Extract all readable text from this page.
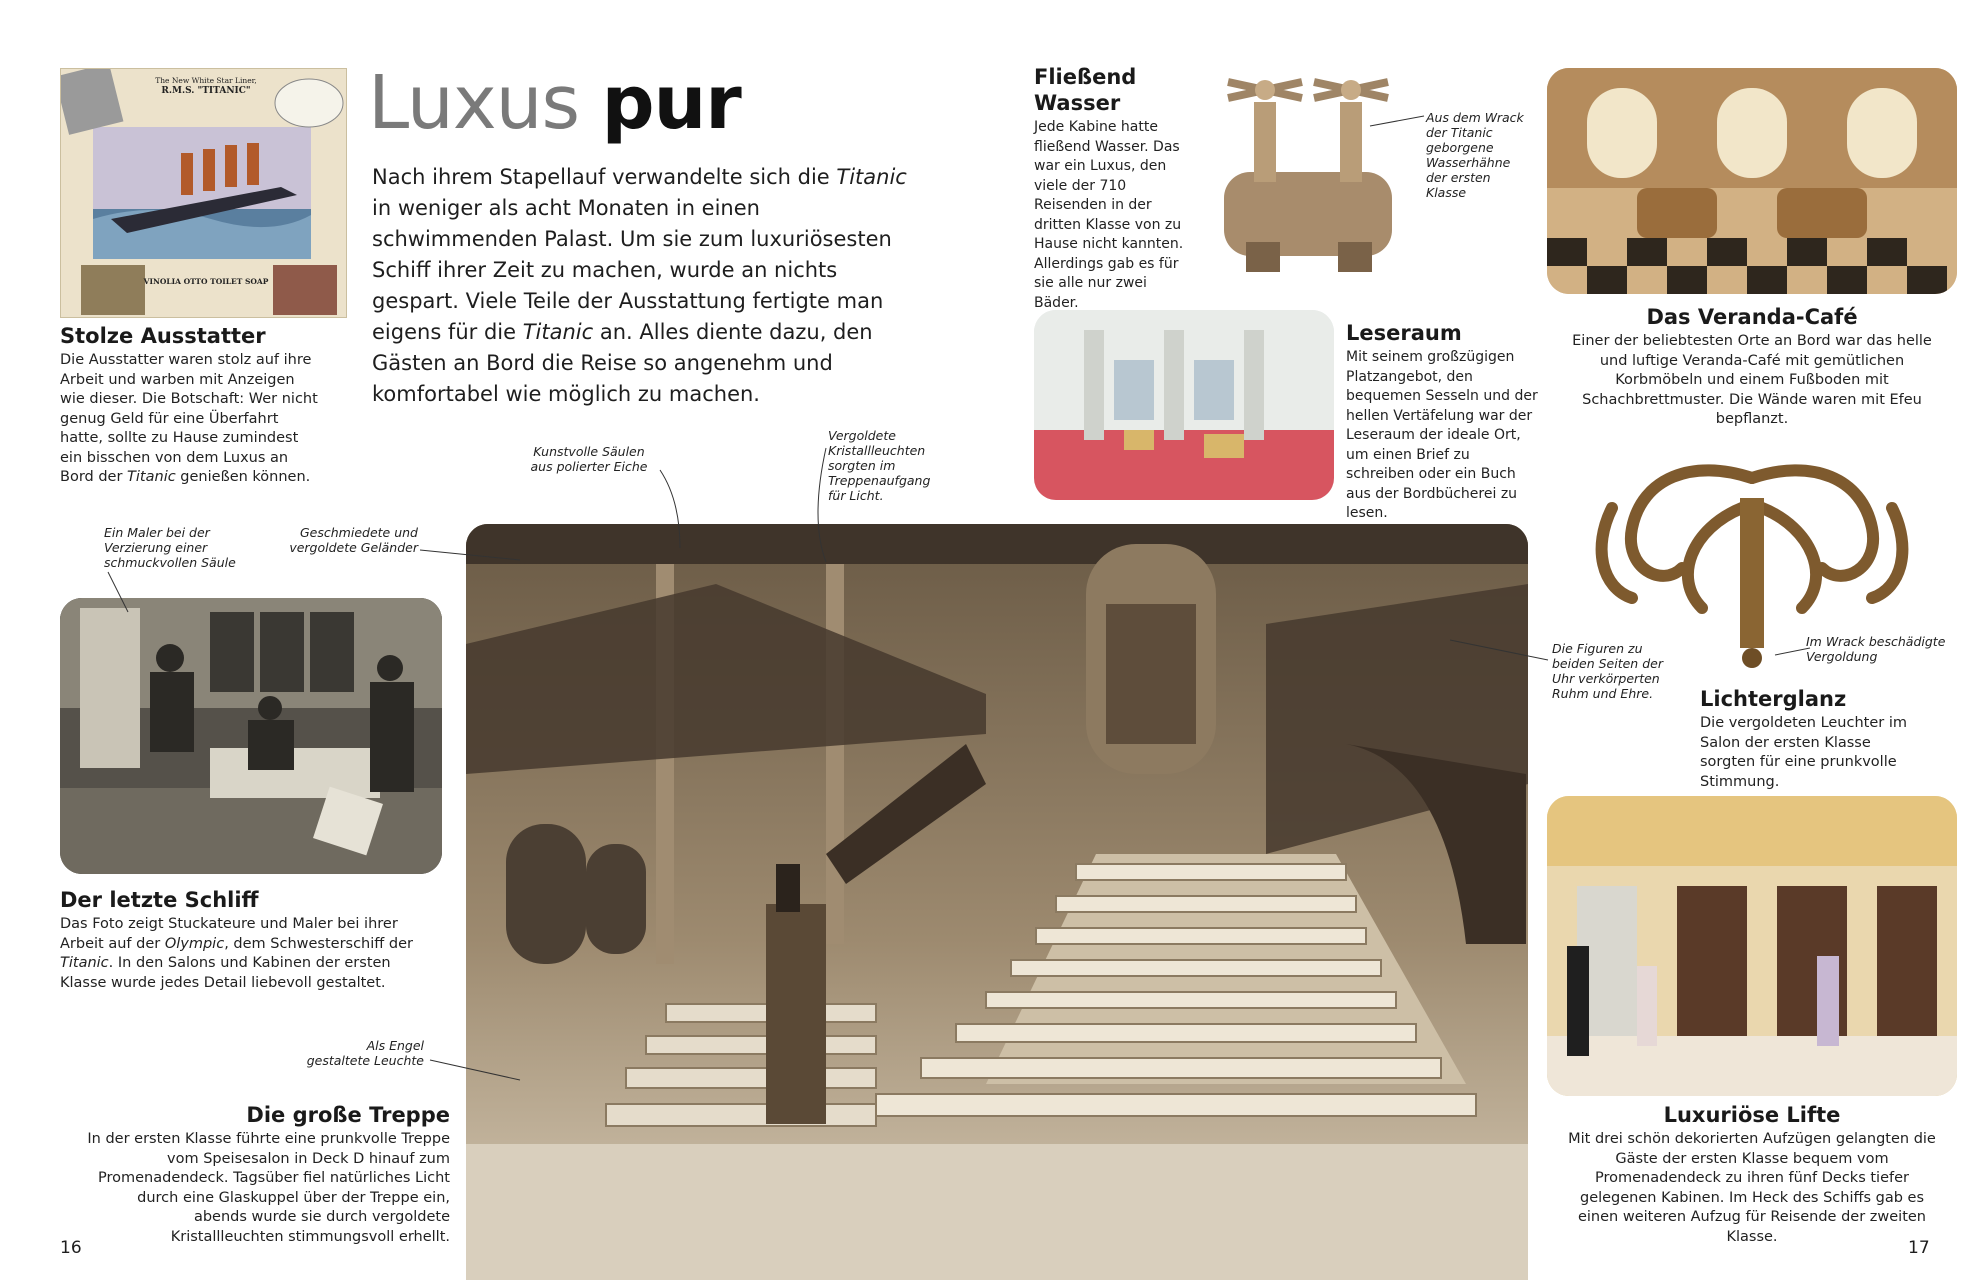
The New White Star Liner,
R.M.S. "TITANIC"
VINOLIA OTTO TOILET SOAP
Luxus pur
Nach ihrem Stapellauf verwandelte sich die Titanic in weniger als acht Monaten in einen schwimmenden Palast. Um sie zum luxuriösesten Schiff ihrer Zeit zu machen, wurde an nichts gespart. Viele Teile der Ausstattung fertigte man eigens für die Titanic an. Alles diente dazu, den Gästen an Bord die Reise so angenehm und komfortabel wie möglich zu machen.
Stolze Ausstatter
Die Ausstatter waren stolz auf ihre Arbeit und warben mit Anzeigen wie dieser. Die Botschaft: Wer nicht genug Geld für eine Überfahrt hatte, sollte zu Hause zumindest ein bisschen von dem Luxus an Bord der Titanic genießen können.
Ein Maler bei der Verzierung einer schmuckvollen Säule
Der letzte Schliff
Das Foto zeigt Stuckateure und Maler bei ihrer Arbeit auf der Olympic, dem Schwesterschiff der Titanic. In den Salons und Kabinen der ersten Klasse wurde jedes Detail liebevoll gestaltet.
Geschmiedete und vergoldete Geländer
Kunstvolle Säulen aus polierter Eiche
Vergoldete Kristallleuchten sorgten im Treppenaufgang für Licht.
Als Engel gestaltete Leuchte
Die große Treppe
In der ersten Klasse führte eine prunkvolle Treppe vom Speisesalon in Deck D hinauf zum Promenadendeck. Tagsüber fiel natürliches Licht durch eine Glaskuppel über der Treppe ein, abends wurde sie durch vergoldete Kristallleuchten stimmungsvoll erhellt.
16
Fließend
Wasser
Jede Kabine hatte fließend Wasser. Das war ein Luxus, den viele der 710 Reisenden in der dritten Klasse von zu Hause nicht kannten. Allerdings gab es für sie alle nur zwei Bäder.
Aus dem Wrack der Titanic geborgene Wasserhähne der ersten Klasse
Das Veranda-Café
Einer der beliebtesten Orte an Bord war das helle und luftige Veranda-Café mit gemütlichen Korbmöbeln und einem Fußboden mit Schachbrettmuster. Die Wände waren mit Efeu bepflanzt.
Leseraum
Mit seinem großzügigen Platzangebot, den bequemen Sesseln und der hellen Vertäfelung war der Leseraum der ideale Ort, um einen Brief zu schreiben oder ein Buch aus der Bordbücherei zu lesen.
Im Wrack beschädigte Vergoldung
Die Figuren zu beiden Seiten der Uhr verkörperten Ruhm und Ehre.	Lichterglanz
Die vergoldeten Leuchter im Salon der ersten Klasse sorgten für eine prunkvolle Stimmung.
Luxuriöse Lifte
Mit drei schön dekorierten Aufzügen gelangten die Gäste der ersten Klasse bequem vom Promenadendeck zu ihren fünf Decks tiefer gelegenen Kabinen. Im Heck des Schiffs gab es einen weiteren Aufzug für Reisende der zweiten Klasse.
17
